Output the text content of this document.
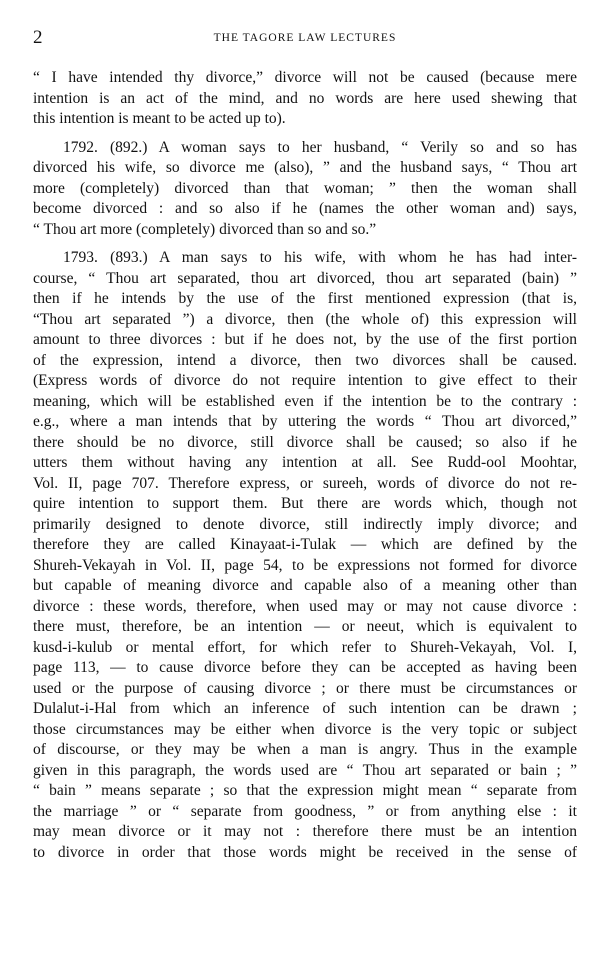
2	THE TAGORE LAW LECTURES
“ I have intended thy divorce,” divorce will not be caused (because mere
intention is an act of the mind, and no words are here used shewing that
this intention is meant to be acted up to).
1792. (892.) A woman says to her husband, “ Verily so and so has
divorced his wife, so divorce me (also), ” and the husband says, “ Thou art
more (completely) divorced than that woman; ” then the woman shall
become divorced : and so also if he (names the other woman and) says,
“ Thou art more (completely) divorced than so and so.”
1793. (893.) A man says to his wife, with whom he has had inter-
course, “ Thou art separated, thou art divorced, thou art separated (bain) ”
then if he intends by the use of the first mentioned expression (that is,
“Thou art separated ”) a divorce, then (the whole of) this expression will
amount to three divorces : but if he does not, by the use of the first portion
of the expression, intend a divorce, then two divorces shall be caused.
(Express words of divorce do not require intention to give effect to their
meaning, which will be established even if the intention be to the contrary :
e.g., where a man intends that by uttering the words “ Thou art divorced,”
there should be no divorce, still divorce shall be caused; so also if he
utters them without having any intention at all. See Rudd-ool Moohtar,
Vol. II, page 707. Therefore express, or sureeh, words of divorce do not re-
quire intention to support them. But there are words which, though not
primarily designed to denote divorce, still indirectly imply divorce; and
therefore they are called Kinayaat-i-Tulak — which are defined by the
Shureh-Vekayah in Vol. II, page 54, to be expressions not formed for divorce
but capable of meaning divorce and capable also of a meaning other than
divorce : these words, therefore, when used may or may not cause divorce :
there must, therefore, be an intention — or neeut, which is equivalent to
kusd-i-kulub or mental effort, for which refer to Shureh-Vekayah, Vol. I,
page 113, — to cause divorce before they can be accepted as having been
used or the purpose of causing divorce ; or there must be circumstances or
Dulalut-i-Hal from which an inference of such intention can be drawn ;
those circumstances may be either when divorce is the very topic or subject
of discourse, or they may be when a man is angry. Thus in the example
given in this paragraph, the words used are “ Thou art separated or bain ; ”
“ bain ” means separate ; so that the expression might mean “ separate from
the marriage ” or “ separate from goodness, ” or from anything else : it
may mean divorce or it may not : therefore there must be an intention
to divorce in order that those words might be received in the sense of
